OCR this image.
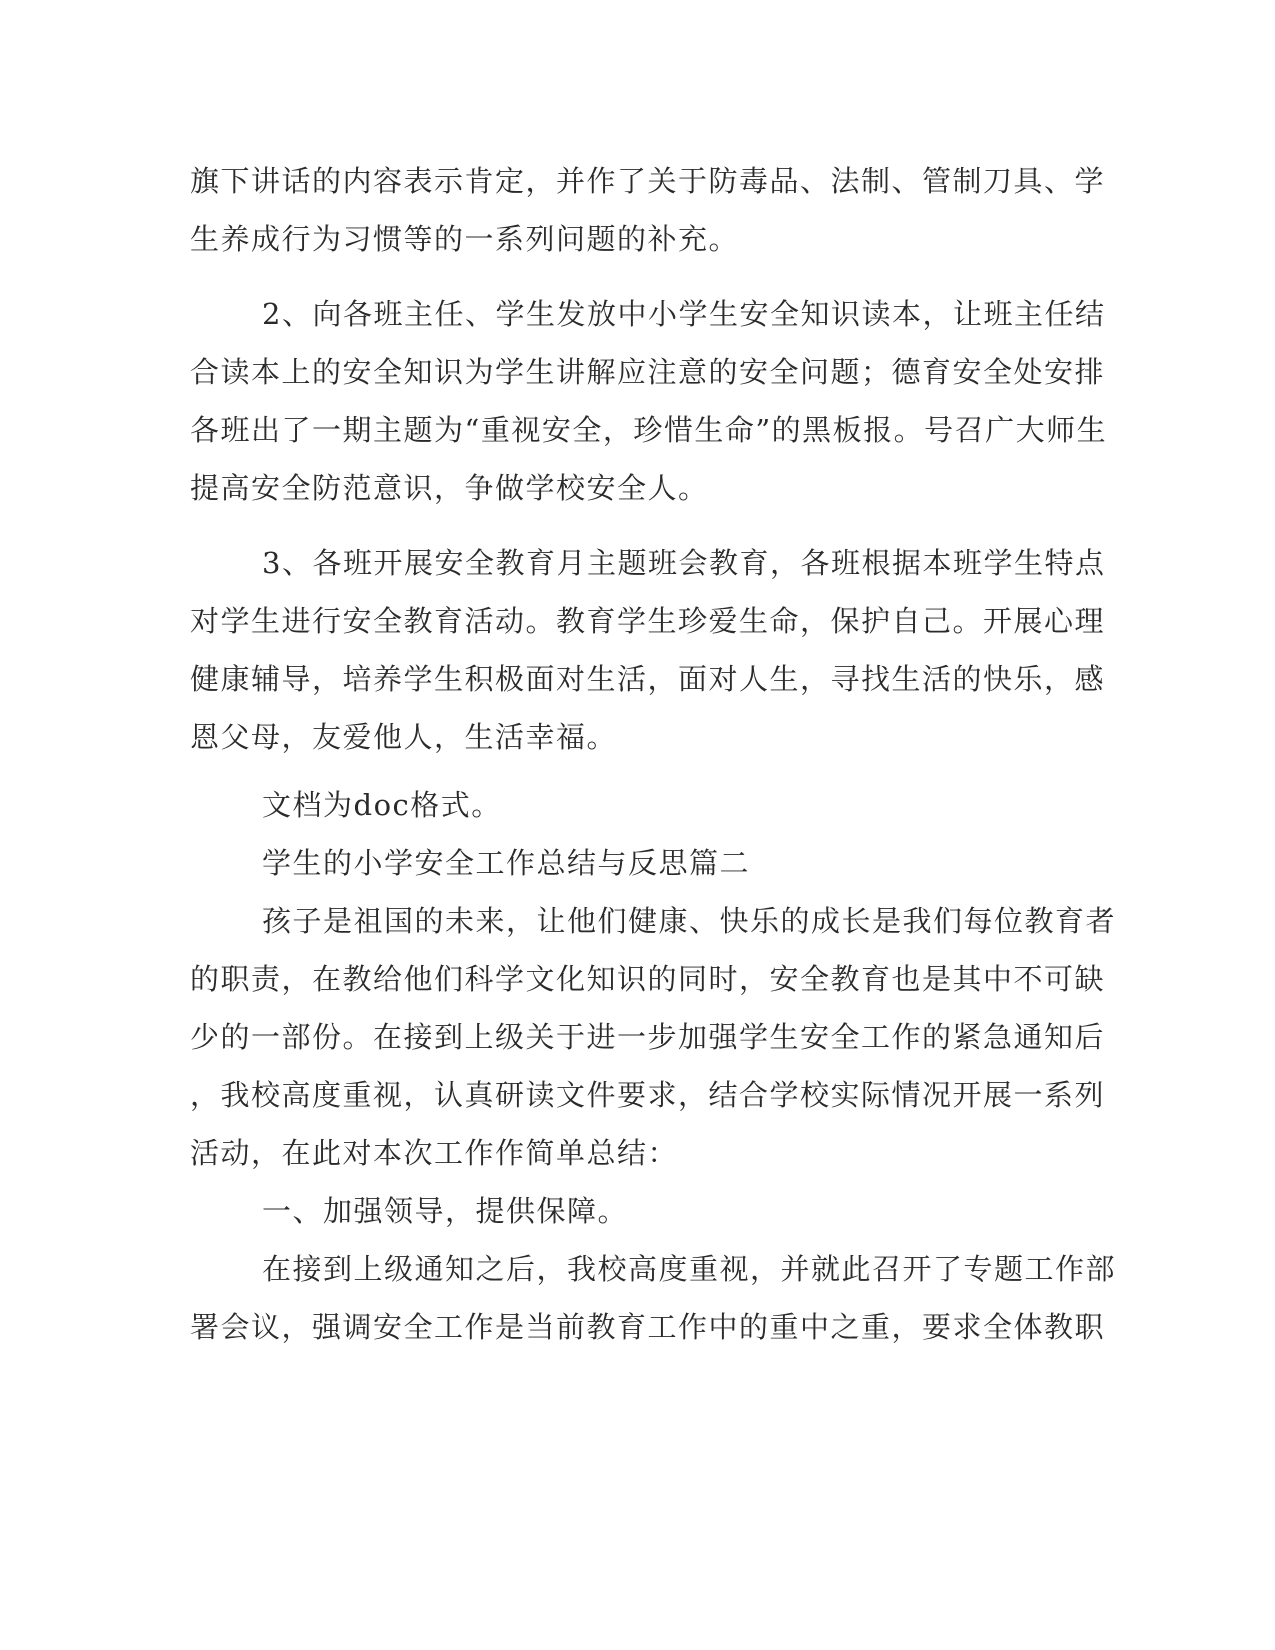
旗下讲话的内容表示肯定，并作了关于防毒品、法制、管制刀具、学
生养成行为习惯等的一系列问题的补充。
2、向各班主任、学生发放中小学生安全知识读本，让班主任结
合读本上的安全知识为学生讲解应注意的安全问题；德育安全处安排
各班出了一期主题为“重视安全，珍惜生命”的黑板报。号召广大师生
提高安全防范意识，争做学校安全人。
3、各班开展安全教育月主题班会教育，各班根据本班学生特点
对学生进行安全教育活动。教育学生珍爱生命，保护自己。开展心理
健康辅导，培养学生积极面对生活，面对人生，寻找生活的快乐，感
恩父母，友爱他人，生活幸福。
文档为doc格式。
学生的小学安全工作总结与反思篇二
孩子是祖国的未来，让他们健康、快乐的成长是我们每位教育者
的职责，在教给他们科学文化知识的同时，安全教育也是其中不可缺
少的一部份。在接到上级关于进一步加强学生安全工作的紧急通知后
，我校高度重视，认真研读文件要求，结合学校实际情况开展一系列
活动，在此对本次工作作简单总结：
一、加强领导，提供保障。
在接到上级通知之后，我校高度重视，并就此召开了专题工作部
署会议，强调安全工作是当前教育工作中的重中之重，要求全体教职
